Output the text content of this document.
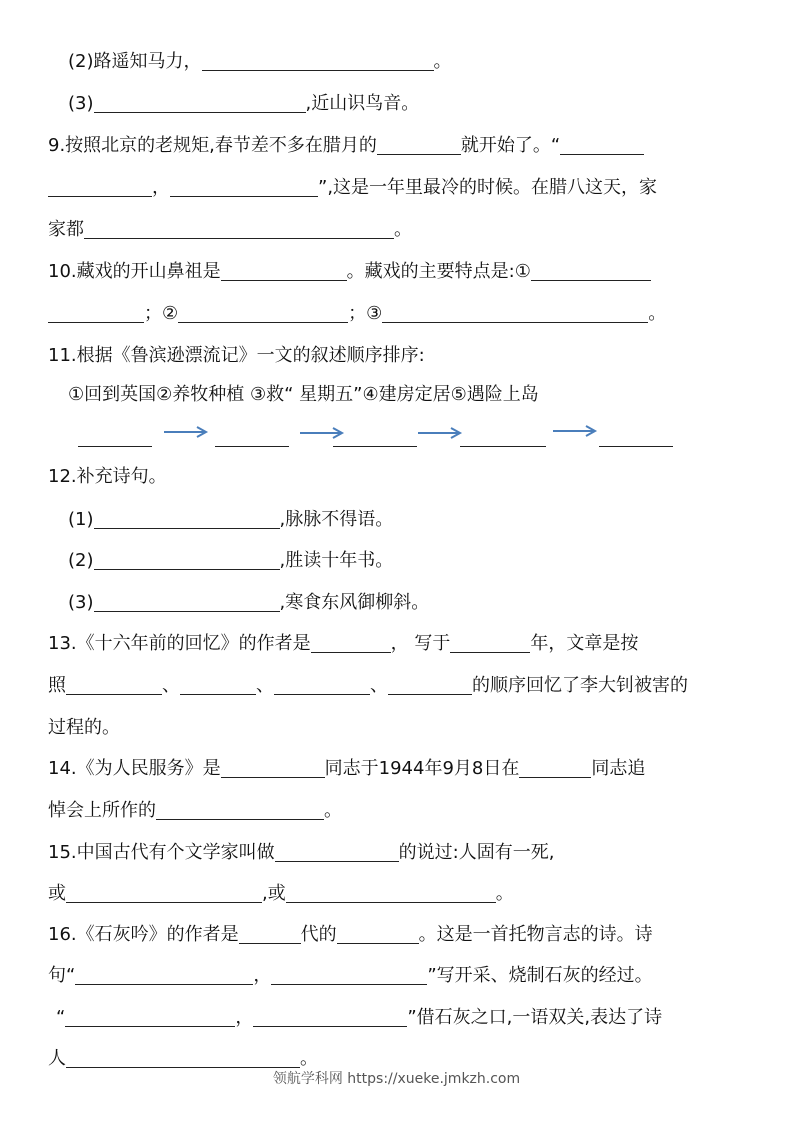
(2)路遥知马力，	。
(3)	,近山识鸟音。
9.按照北京的老规矩,春节差不多在腊月的	就开始了。“
，	”,这是一年里最冷的时候。在腊八这天，家
家都	。
10.藏戏的开山鼻祖是	。藏戏的主要特点是:①
；②	；③	。
11.根据《鲁滨逊漂流记》一文的叙述顺序排序:
①回到英国②养牧种植 ③救“ 星期五”④建房定居⑤遇险上岛
12.补充诗句。
(1)	,脉脉不得语。
(2)	,胜读十年书。
(3)	,寒食东风御柳斜。
13.《十六年前的回忆》的作者是	， 写于	年，文章是按
照	、	、	、	的顺序回忆了李大钊被害的
过程的。
14.《为人民服务》是	同志于1944年9月8日在	同志追
悼会上所作的	。
15.中国古代有个文学家叫做	的说过:人固有一死,
或	,或	。
16.《石灰吟》的作者是	代的	。这是一首托物言志的诗。诗
句“	，	”写开采、烧制石灰的经过。
“	，	”借石灰之口,一语双关,表达了诗
人	。
领航学科网 https://xueke.jmkzh.com
